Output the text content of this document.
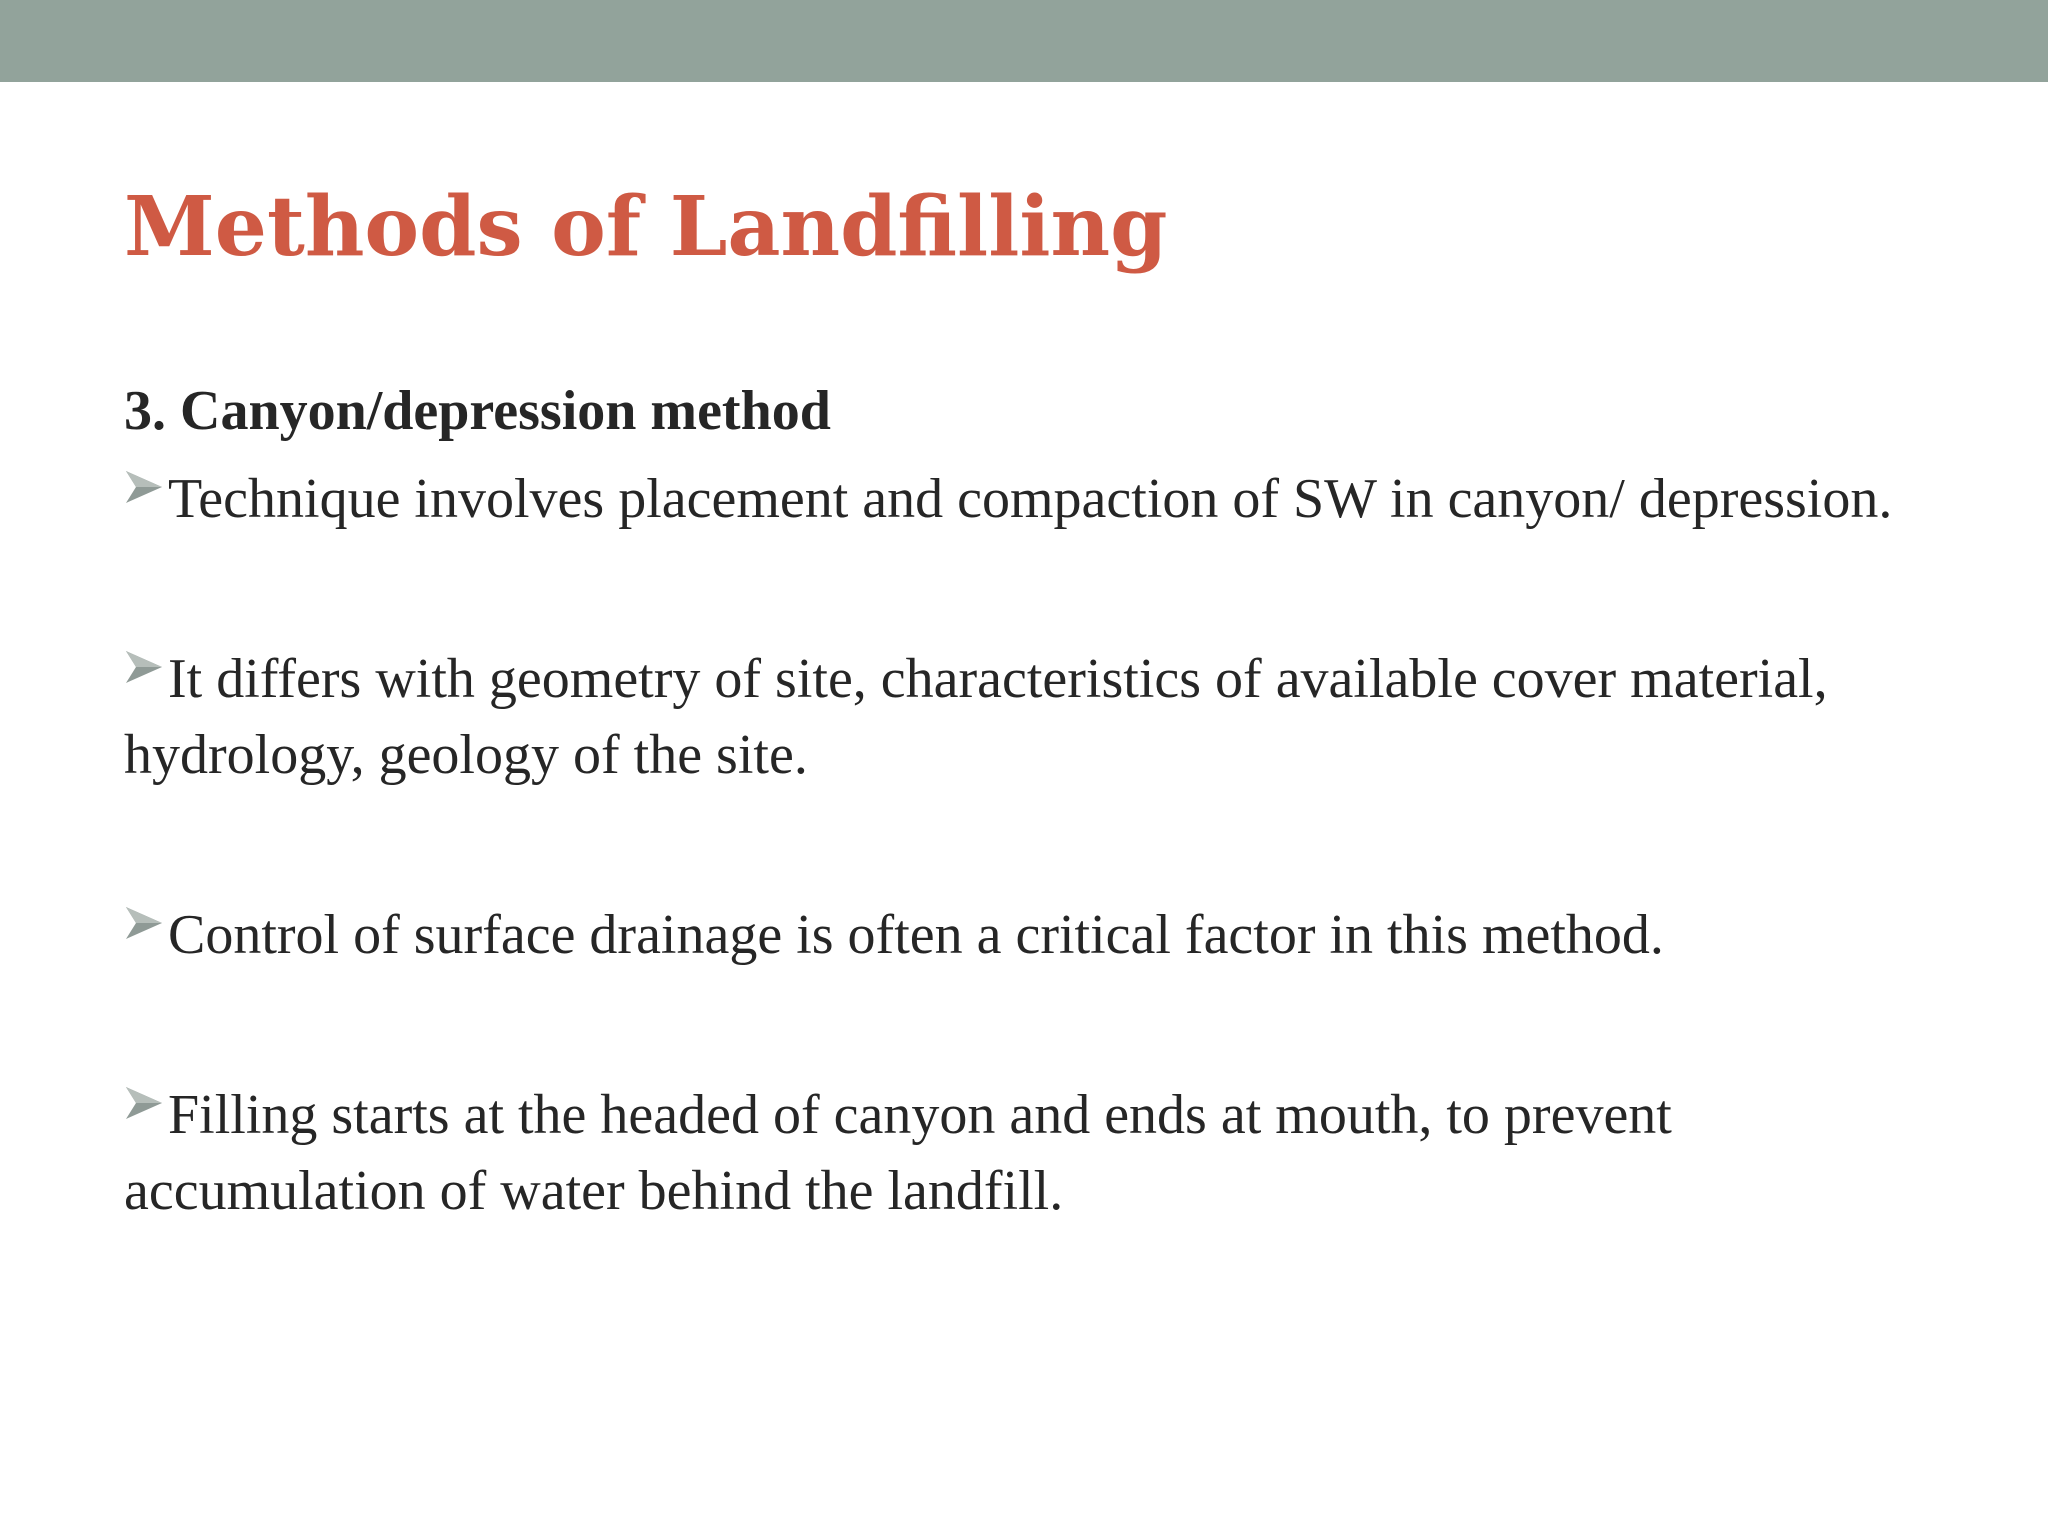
Methods of Landfilling

3. Canyon/depression method

Technique involves placement and compaction of SW in canyon/ depression.

It differs with geometry of site, characteristics of available cover material, hydrology, geology of the site.

Control of surface drainage is often a critical factor in this method.

Filling starts at the headed of canyon and ends at mouth, to prevent accumulation of water behind the landfill.
